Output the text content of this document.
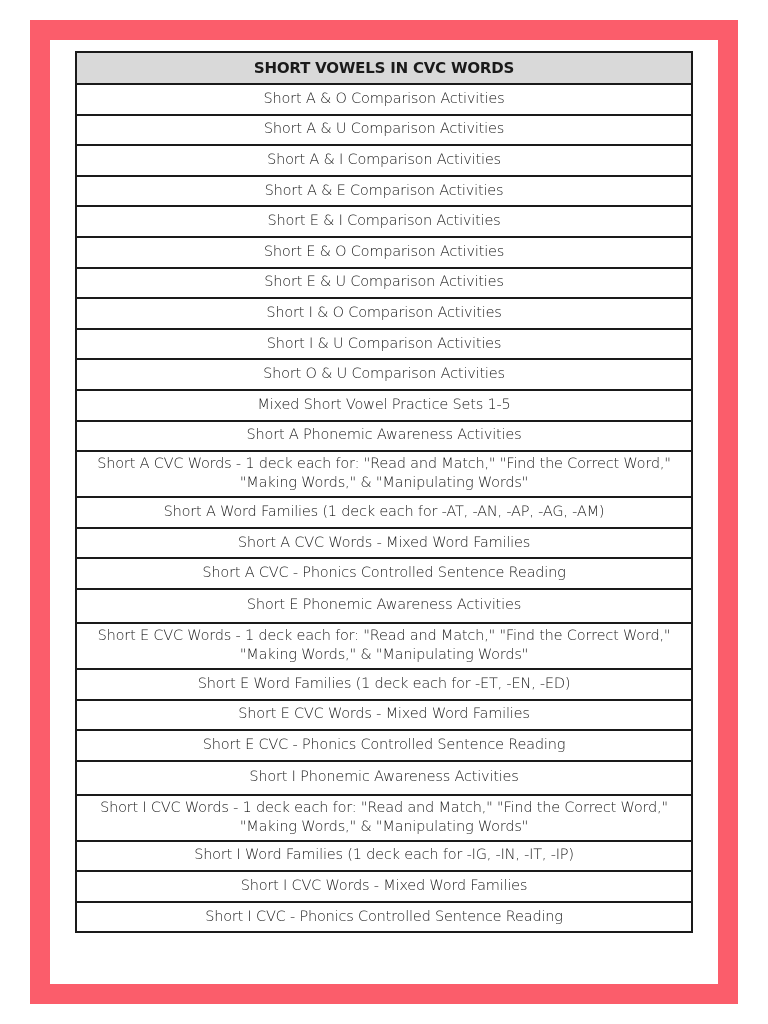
SHORT VOWELS IN CVC WORDS
Short A & O Comparison Activities
Short A & U Comparison Activities
Short A & I Comparison Activities
Short A & E Comparison Activities
Short E & I Comparison Activities
Short E & O Comparison Activities
Short E & U Comparison Activities
Short I & O Comparison Activities
Short I & U Comparison Activities
Short O & U Comparison Activities
Mixed Short Vowel Practice Sets 1-5
Short A Phonemic Awareness Activities
Short A CVC Words - 1 deck each for: "Read and Match," "Find the Correct Word," "Making Words," & "Manipulating Words"
Short A Word Families (1 deck each for -AT, -AN, -AP, -AG, -AM)
Short A CVC Words - Mixed Word Families
Short A CVC - Phonics Controlled Sentence Reading
Short E Phonemic Awareness Activities
Short E CVC Words - 1 deck each for: "Read and Match," "Find the Correct Word," "Making Words," & "Manipulating Words"
Short E Word Families (1 deck each for -ET, -EN, -ED)
Short E CVC Words - Mixed Word Families
Short E CVC - Phonics Controlled Sentence Reading
Short I Phonemic Awareness Activities
Short I CVC Words - 1 deck each for: "Read and Match," "Find the Correct Word," "Making Words," & "Manipulating Words"
Short I Word Families (1 deck each for -IG, -IN, -IT, -IP)
Short I CVC Words - Mixed Word Families
Short I CVC - Phonics Controlled Sentence Reading
